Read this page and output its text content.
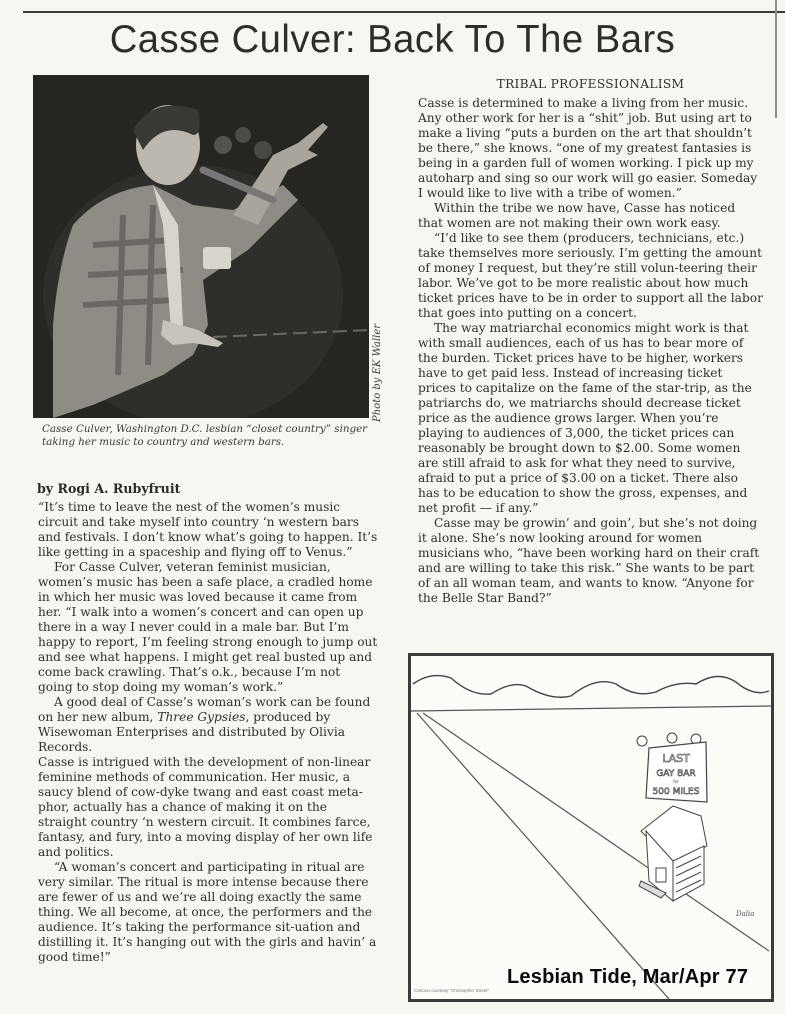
Casse Culver: Back To The Bars
Photo by EK Waller
Casse Culver, Washington D.C. lesbian “closet country” singer taking her music to country and western bars.
by Rogi A. Rubyfruit

“It’s time to leave the nest of the women’s music circuit and take myself into country ‘n western bars and festivals. I don’t know what’s going to happen. It’s like getting in a spaceship and flying off to Venus.”

For Casse Culver, veteran feminist musician, women’s music has been a safe place, a cradled home in which her music was loved because it came from her. “I walk into a women’s concert and can open up there in a way I never could in a male bar. But I’m happy to report, I’m feeling strong enough to jump out and see what happens. I might get real busted up and come back crawling. That’s o.k., because I’m not going to stop doing my woman’s work.”

A good deal of Casse’s woman’s work can be found on her new album, Three Gypsies, produced by Wisewoman Enterprises and distributed by Olivia Records.

Casse is intrigued with the development of non-linear feminine methods of communication. Her music, a saucy blend of cow-dyke twang and east coast meta-phor, actually has a chance of making it on the straight country ‘n western circuit. It combines farce, fantasy, and fury, into a moving display of her own life and politics.

“A woman’s concert and participating in ritual are very similar. The ritual is more intense because there are fewer of us and we’re all doing exactly the same thing. We all become, at once, the performers and the audience. It’s taking the performance sit-uation and distilling it. It’s hanging out with the girls and havin’ a good time!”

TRIBAL PROFESSIONALISM

Casse is determined to make a living from her music. Any other work for her is a “shit” job. But using art to make a living “puts a burden on the art that shouldn’t be there,” she knows. “one of my greatest fantasies is being in a garden full of women working. I pick up my autoharp and sing so our work will go easier. Someday I would like to live with a tribe of women.”

Within the tribe we now have, Casse has noticed that women are not making their own work easy.

“I’d like to see them (producers, technicians, etc.) take themselves more seriously. I’m getting the amount of money I request, but they’re still volun-teering their labor. We’ve got to be more realistic about how much ticket prices have to be in order to support all the labor that goes into putting on a concert.

The way matriarchal economics might work is that with small audiences, each of us has to bear more of the burden. Ticket prices have to be higher, workers have to get paid less. Instead of increasing ticket prices to capitalize on the fame of the star-trip, as the patriarchs do, we matriarchs should decrease ticket price as the audience grows larger. When you’re playing to audiences of 3,000, the ticket prices can reasonably be brought down to $2.00. Some women are still afraid to ask for what they need to survive, afraid to put a price of $3.00 on a ticket. There also has to be education to show the gross, expenses, and net profit — if any.”

Casse may be growin’ and goin’, but she’s not doing it alone. She’s now looking around for women musicians who, “have been working hard on their craft and are willing to take this risk.” She wants to be part of an all woman team, and wants to know. “Anyone for the Belle Star Band?”

LAST
GAY BAR
for
500 MILES
Dalia
Cartoon courtesy “Christopher Street”
Lesbian Tide, Mar/Apr 77
